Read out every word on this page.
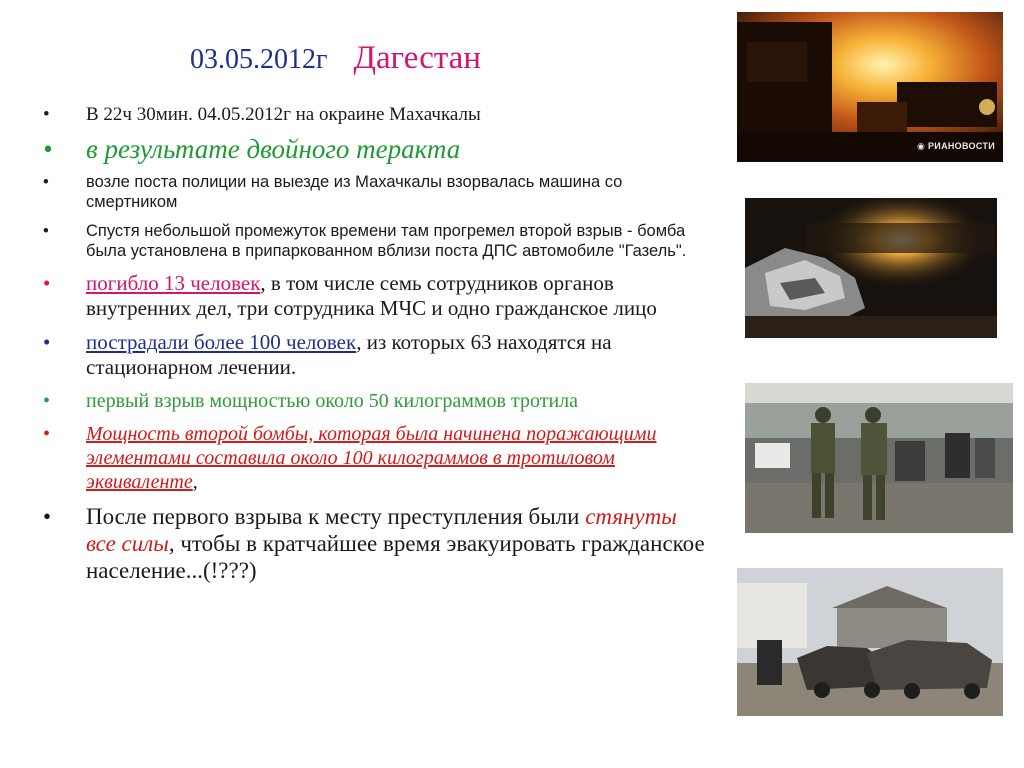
03.05.2012г Дагестан
• В 22ч 30мин. 04.05.2012г на окраине Махачкалы
• в результате двойного теракта
• возле поста полиции на выезде из Махачкалы взорвалась машина со смертником
• Спустя небольшой промежуток времени там прогремел второй взрыв - бомба была установлена в припаркованном вблизи поста ДПС автомобиле "Газель".
• погибло 13 человек, в том числе семь сотрудников органов внутренних дел, три сотрудника МЧС и одно гражданское лицо
• пострадали более 100 человек, из которых 63 находятся на стационарном лечении.
• первый взрыв мощностью около 50 килограммов тротила
• Мощность второй бомбы, которая была начинена поражающими элементами составила около 100 килограммов в тротиловом эквиваленте,
• После первого взрыва к месту преступления были стянуты все силы, чтобы в кратчайшее время эвакуировать гражданское население...(!???)
◉ РИАНОВОСТИ
